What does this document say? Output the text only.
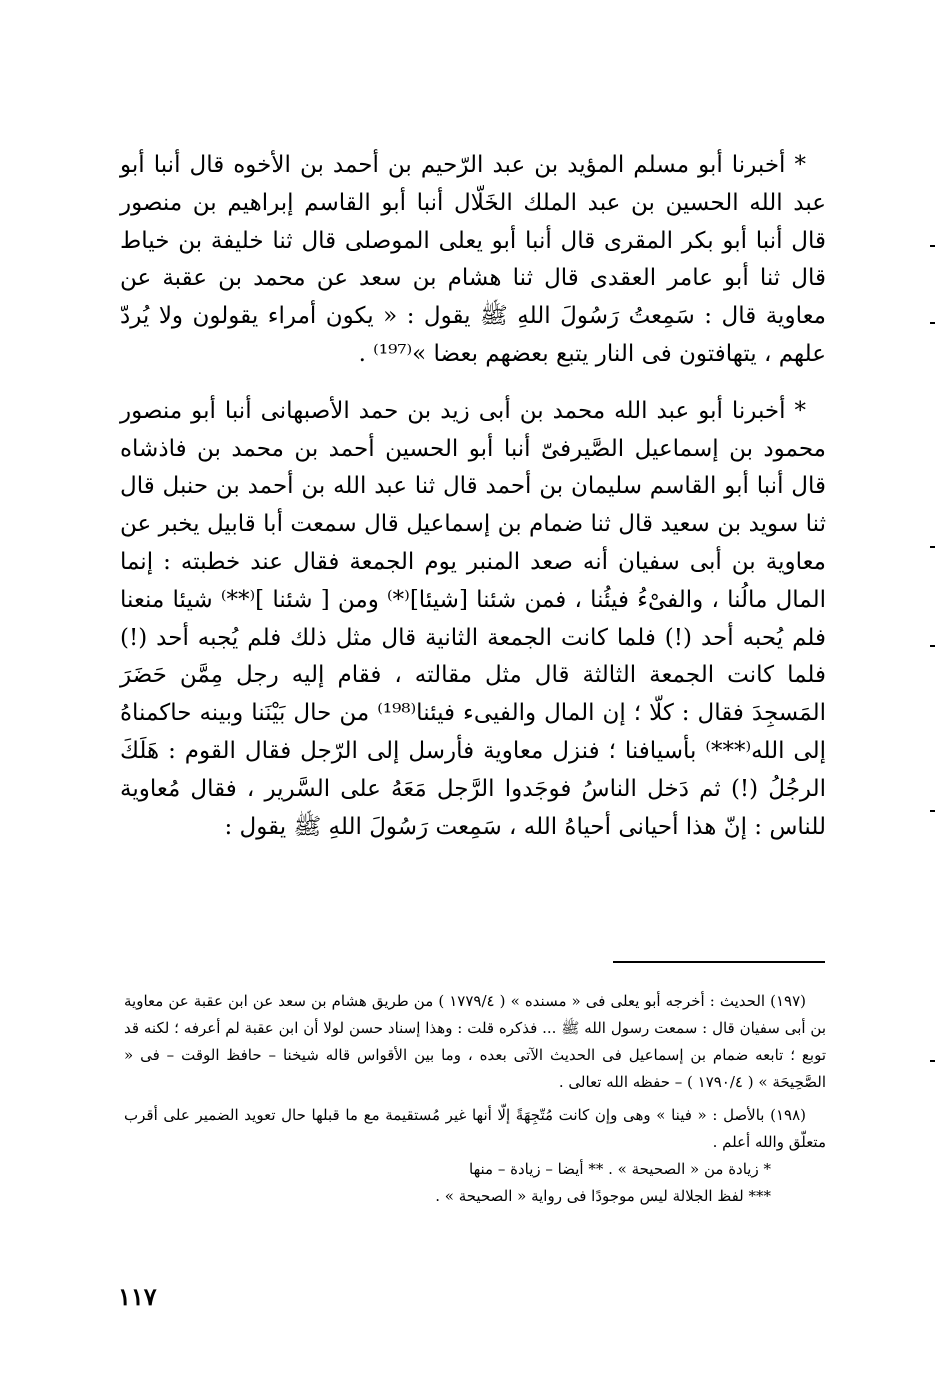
* أخبرنا أبو مسلم المؤيد بن عبد الرّحيم بن أحمد بن الأخوه قال أنبا أبو عبد الله الحسين بن عبد الملك الخَلّال أنبا أبو القاسم إبراهيم بن منصور قال أنبا أبو بكر المقرى قال أنبا أبو يعلى الموصلى قال ثنا خليفة بن خياط قال ثنا أبو عامر العقدى قال ثنا هشام بن سعد عن محمد بن عقبة عن معاوية قال : سَمِعتُ رَسُولَ اللهِ ﷺ يقول : « يكون أمراء يقولون ولا يُردّ علهم ، يتهافتون فى النار يتبع بعضهم بعضا »⁽¹⁹⁷⁾ .

* أخبرنا أبو عبد الله محمد بن أبى زيد بن حمد الأصبهانى أنبا أبو منصور محمود بن إسماعيل الصَّيرفىّ أنبا أبو الحسين أحمد بن محمد بن فاذشاه قال أنبا أبو القاسم سليمان بن أحمد قال ثنا عبد الله بن أحمد بن حنبل قال ثنا سويد بن سعيد قال ثنا ضمام بن إسماعيل قال سمعت أبا قابيل يخبر عن معاوية بن أبى سفيان أنه صعد المنبر يوم الجمعة فقال عند خطبته : إنما المال مالُنا ، والفىْءُ فيئُنا ، فمن شئنا [شيئا]⁽*⁾ ومن [ شئنا ]⁽**⁾ شيئا منعنا فلم يُحبه أحد (!) فلما كانت الجمعة الثانية قال مثل ذلك فلم يُجبه أحد (!) فلما كانت الجمعة الثالثة قال مثل مقالته ، فقام إليه رجل مِمَّن حَضَرَ المَسجِدَ فقال : كلّا ؛ إن المال والفيىء فيئنا⁽¹⁹⁸⁾ من حال بَيْنَنا وبينه حاكمناهُ إلى الله⁽***⁾ بأسيافنا ؛ فنزل معاوية فأرسل إلى الرّجل فقال القوم : هَلَكَ الرجُلُ (!) ثم دَخل الناسُ فوجَدوا الرَّجل مَعَهُ على السَّرير ، فقال مُعاوية للناس : إنّ هذا أحيانى أحياهُ الله ، سَمِعت رَسُولَ اللهِ ﷺ يقول :

(١٩٧) الحديث : أخرجه أبو يعلى فى « مسنده » ( ١٧٧٩/٤ ) من طريق هشام بن سعد عن ابن عقبة عن معاوية بن أبى سفيان قال : سمعت رسول الله ﷺ ... فذكره قلت : وهذا إسناد حسن لولا أن ابن عقبة لم أعرفه ؛ لكنه قد توبع ؛ تابعه ضمام بن إسماعيل فى الحديث الآتى بعده ، وما بين الأقواس قاله شيخنا – حافظ الوقت – فى « الصَّحِيحَة » ( ١٧٩٠/٤ ) – حفظه الله تعالى .

(١٩٨) بالأصل : « فينا » وهى وإن كانت مُتّجِهَةً إلّا أنها غير مُستقيمة مع ما قبلها حال تعويد الضمير على أقرب متعلّق والله أعلم .

* زيادة من « الصحيحة » . ** أيضا – زيادة – منها

*** لفظ الجلالة ليس موجودًا فى رواية « الصحيحة » .

١١٧
